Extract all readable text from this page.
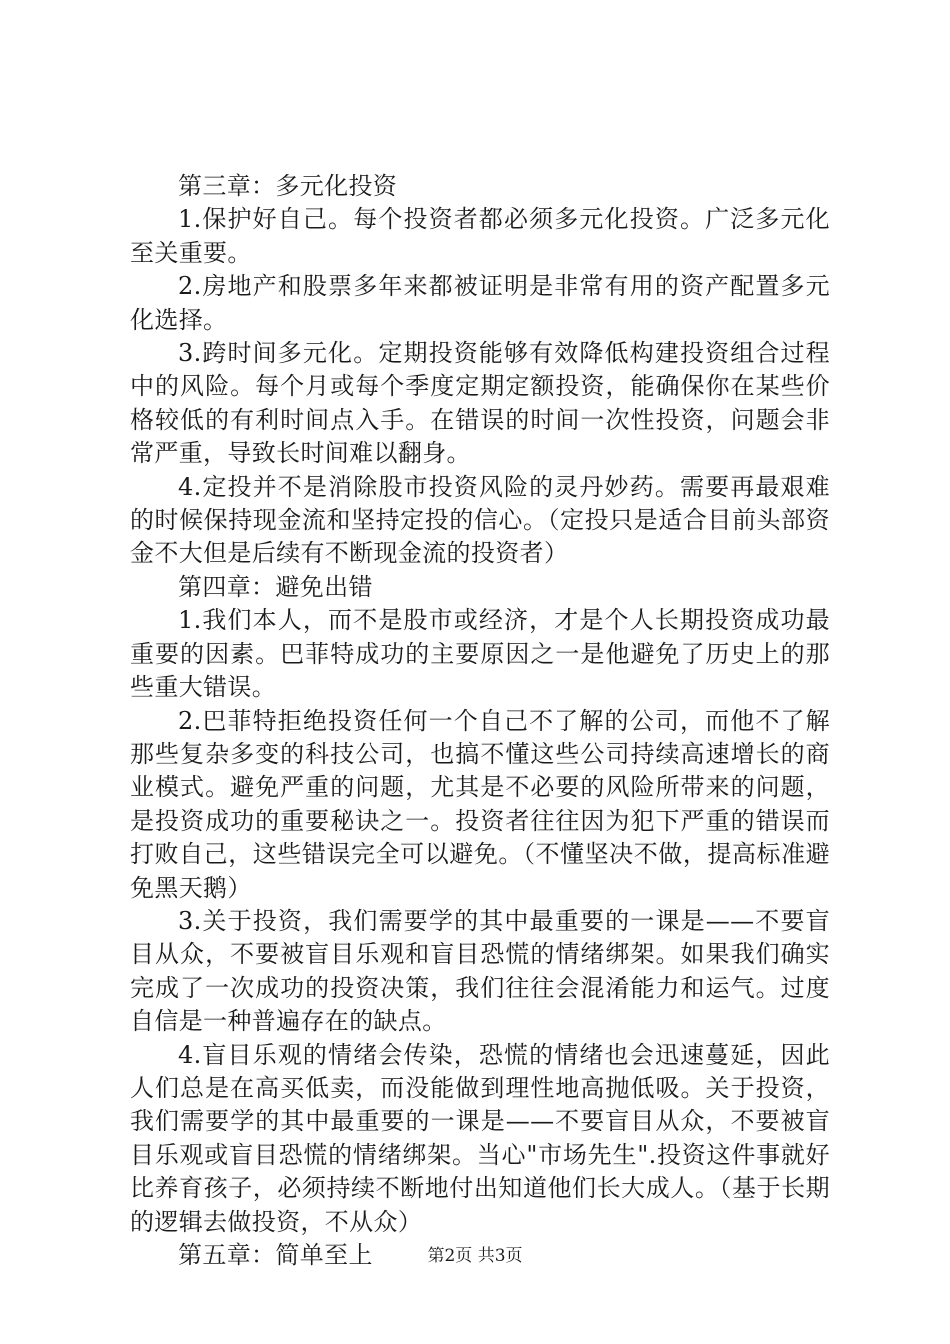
第三章：多元化投资

1.保护好自己。每个投资者都必须多元化投资。广泛多元化至关重要。

2.房地产和股票多年来都被证明是非常有用的资产配置多元化选择。

3.跨时间多元化。定期投资能够有效降低构建投资组合过程中的风险。每个月或每个季度定期定额投资，能确保你在某些价格较低的有利时间点入手。在错误的时间一次性投资，问题会非常严重，导致长时间难以翻身。

4.定投并不是消除股市投资风险的灵丹妙药。需要再最艰难的时候保持现金流和坚持定投的信心。（定投只是适合目前头部资金不大但是后续有不断现金流的投资者）

第四章：避免出错

1.我们本人，而不是股市或经济，才是个人长期投资成功最重要的因素。巴菲特成功的主要原因之一是他避免了历史上的那些重大错误。

2.巴菲特拒绝投资任何一个自己不了解的公司，而他不了解那些复杂多变的科技公司，也搞不懂这些公司持续高速增长的商业模式。避免严重的问题，尤其是不必要的风险所带来的问题，是投资成功的重要秘诀之一。投资者往往因为犯下严重的错误而打败自己，这些错误完全可以避免。（不懂坚决不做，提高标准避免黑天鹅）

3.关于投资，我们需要学的其中最重要的一课是——不要盲目从众，不要被盲目乐观和盲目恐慌的情绪绑架。如果我们确实完成了一次成功的投资决策，我们往往会混淆能力和运气。过度自信是一种普遍存在的缺点。

4.盲目乐观的情绪会传染，恐慌的情绪也会迅速蔓延，因此人们总是在高买低卖，而没能做到理性地高抛低吸。关于投资，我们需要学的其中最重要的一课是——不要盲目从众，不要被盲目乐观或盲目恐慌的情绪绑架。当心"市场先生".投资这件事就好比养育孩子，必须持续不断地付出知道他们长大成人。（基于长期的逻辑去做投资，不从众）

第五章：简单至上	第2页 共3页
